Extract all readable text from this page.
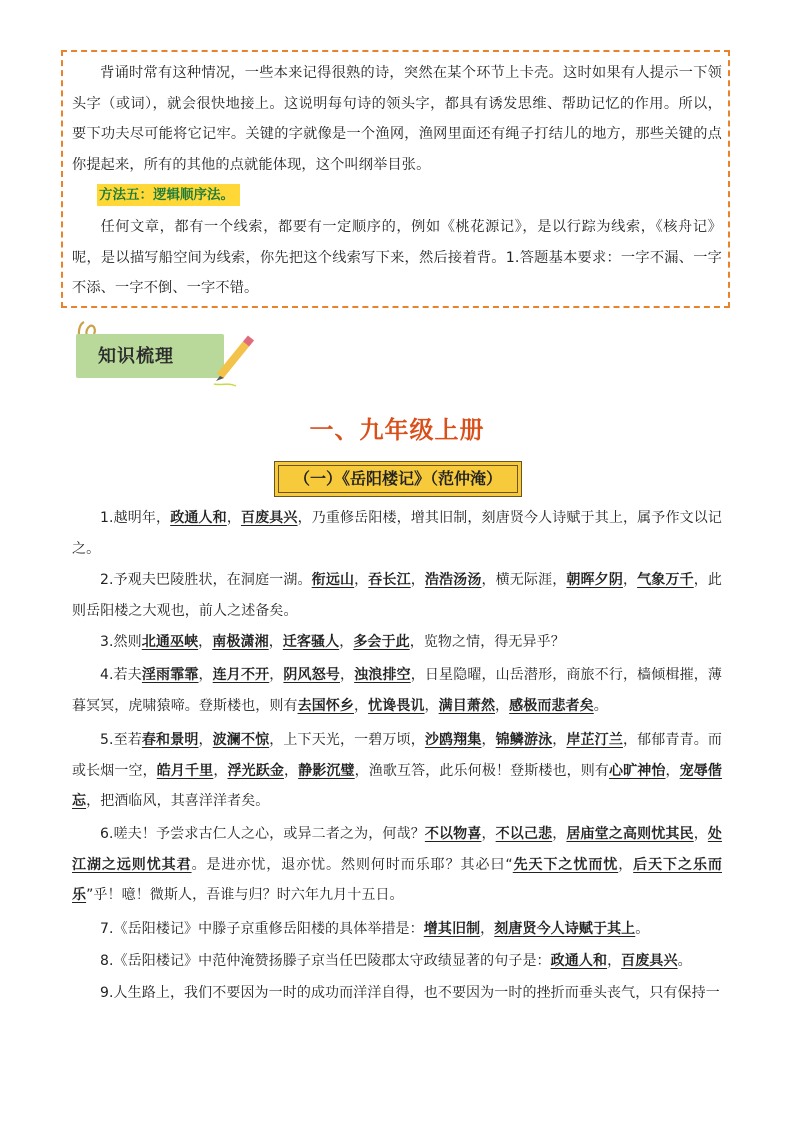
背诵时常有这种情况，一些本来记得很熟的诗，突然在某个环节上卡壳。这时如果有人提示一下领头字（或词），就会很快地接上。这说明每句诗的领头字，都具有诱发思维、帮助记忆的作用。所以，要下功夫尽可能将它记牢。关键的字就像是一个渔网，渔网里面还有绳子打结儿的地方，那些关键的点你提起来，所有的其他的点就能体现，这个叫纲举目张。

方法五：逻辑顺序法。

任何文章，都有一个线索，都要有一定顺序的，例如《桃花源记》，是以行踪为线索，《核舟记》呢，是以描写船空间为线索，你先把这个线索写下来，然后接着背。1.答题基本要求：一字不漏、一字不添、一字不倒、一字不错。

知识梳理
一、九年级上册
（一）《岳阳楼记》（范仲淹）

1.越明年，政通人和，百废具兴，乃重修岳阳楼，增其旧制，刻唐贤今人诗赋于其上，属予作文以记之。

2.予观夫巴陵胜状，在洞庭一湖。衔远山，吞长江，浩浩汤汤，横无际涯，朝晖夕阴，气象万千，此则岳阳楼之大观也，前人之述备矣。

3.然则北通巫峡，南极潇湘，迁客骚人，多会于此，览物之情，得无异乎？

4.若夫淫雨霏霏，连月不开，阴风怒号，浊浪排空，日星隐曜，山岳潜形，商旅不行，樯倾楫摧，薄暮冥冥，虎啸猿啼。登斯楼也，则有去国怀乡，忧谗畏讥，满目萧然，感极而悲者矣。

5.至若春和景明，波澜不惊，上下天光，一碧万顷，沙鸥翔集，锦鳞游泳，岸芷汀兰，郁郁青青。而或长烟一空，皓月千里，浮光跃金，静影沉璧，渔歌互答，此乐何极！登斯楼也，则有心旷神怡，宠辱偕忘，把酒临风，其喜洋洋者矣。

6.嗟夫！予尝求古仁人之心，或异二者之为，何哉？不以物喜，不以己悲，居庙堂之高则忧其民，处江湖之远则忧其君。是进亦忧，退亦忧。然则何时而乐耶？其必曰“先天下之忧而忧，后天下之乐而乐”乎！噫！微斯人，吾谁与归？时六年九月十五日。

7.《岳阳楼记》中滕子京重修岳阳楼的具体举措是：增其旧制，刻唐贤今人诗赋于其上。

8.《岳阳楼记》中范仲淹赞扬滕子京当任巴陵郡太守政绩显著的句子是：政通人和，百废具兴。

9.人生路上，我们不要因为一时的成功而洋洋自得，也不要因为一时的挫折而垂头丧气，只有保持一
